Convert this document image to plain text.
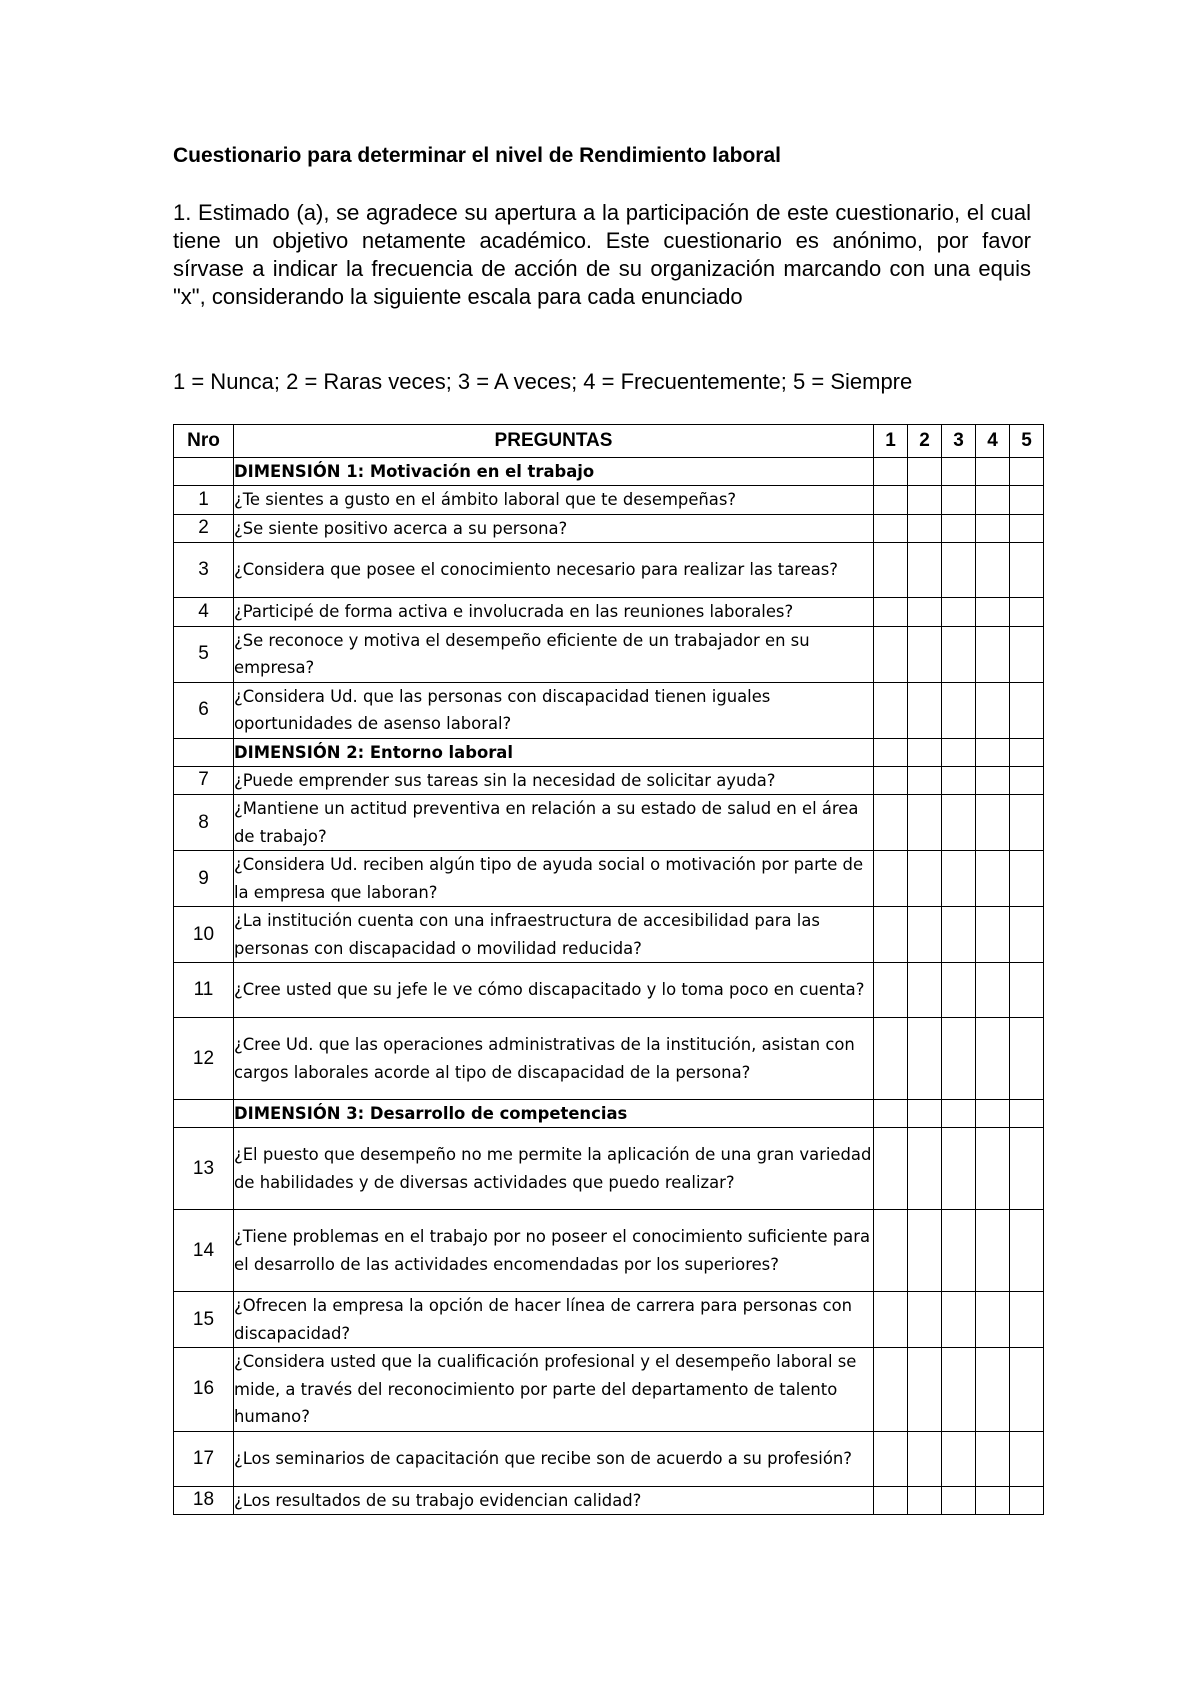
Cuestionario para determinar el nivel de Rendimiento laboral
1. Estimado (a), se agradece su apertura a la participación de este cuestionario, el cual tiene un objetivo netamente académico. Este cuestionario es anónimo, por favor sírvase a indicar la frecuencia de acción de su organización marcando con una equis "x", considerando la siguiente escala para cada enunciado
1 = Nunca; 2 = Raras veces; 3 = A veces; 4 = Frecuentemente; 5 = Siempre
Nro	PREGUNTAS	1	2	3	4	5
	DIMENSIÓN 1: Motivación en el trabajo					
1	¿Te sientes a gusto en el ámbito laboral que te desempeñas?					
2	¿Se siente positivo acerca a su persona?					
3	¿Considera que posee el conocimiento necesario para realizar las tareas?					
4	¿Participé de forma activa e involucrada en las reuniones laborales?					
5	¿Se reconoce y motiva el desempeño eficiente de un trabajador en su empresa?					
6	¿Considera Ud. que las personas con discapacidad tienen iguales oportunidades de asenso laboral?					
	DIMENSIÓN 2: Entorno laboral					
7	¿Puede emprender sus tareas sin la necesidad de solicitar ayuda?					
8	¿Mantiene un actitud preventiva en relación a su estado de salud en el área de trabajo?					
9	¿Considera Ud. reciben algún tipo de ayuda social o motivación por parte de la empresa que laboran?					
10	¿La institución cuenta con una infraestructura de accesibilidad para las personas con discapacidad o movilidad reducida?					
11	¿Cree usted que su jefe le ve cómo discapacitado y lo toma poco en cuenta?					
12	¿Cree Ud. que las operaciones administrativas de la institución, asistan con cargos laborales acorde al tipo de discapacidad de la persona?					
	DIMENSIÓN 3: Desarrollo de competencias					
13	¿El puesto que desempeño no me permite la aplicación de una gran variedad de habilidades y de diversas actividades que puedo realizar?					
14	¿Tiene problemas en el trabajo por no poseer el conocimiento suficiente para el desarrollo de las actividades encomendadas por los superiores?					
15	¿Ofrecen la empresa la opción de hacer línea de carrera para personas con discapacidad?					
16	¿Considera usted que la cualificación profesional y el desempeño laboral se mide, a través del reconocimiento por parte del departamento de talento humano?					
17	¿Los seminarios de capacitación que recibe son de acuerdo a su profesión?					
18	¿Los resultados de su trabajo evidencian calidad?					
